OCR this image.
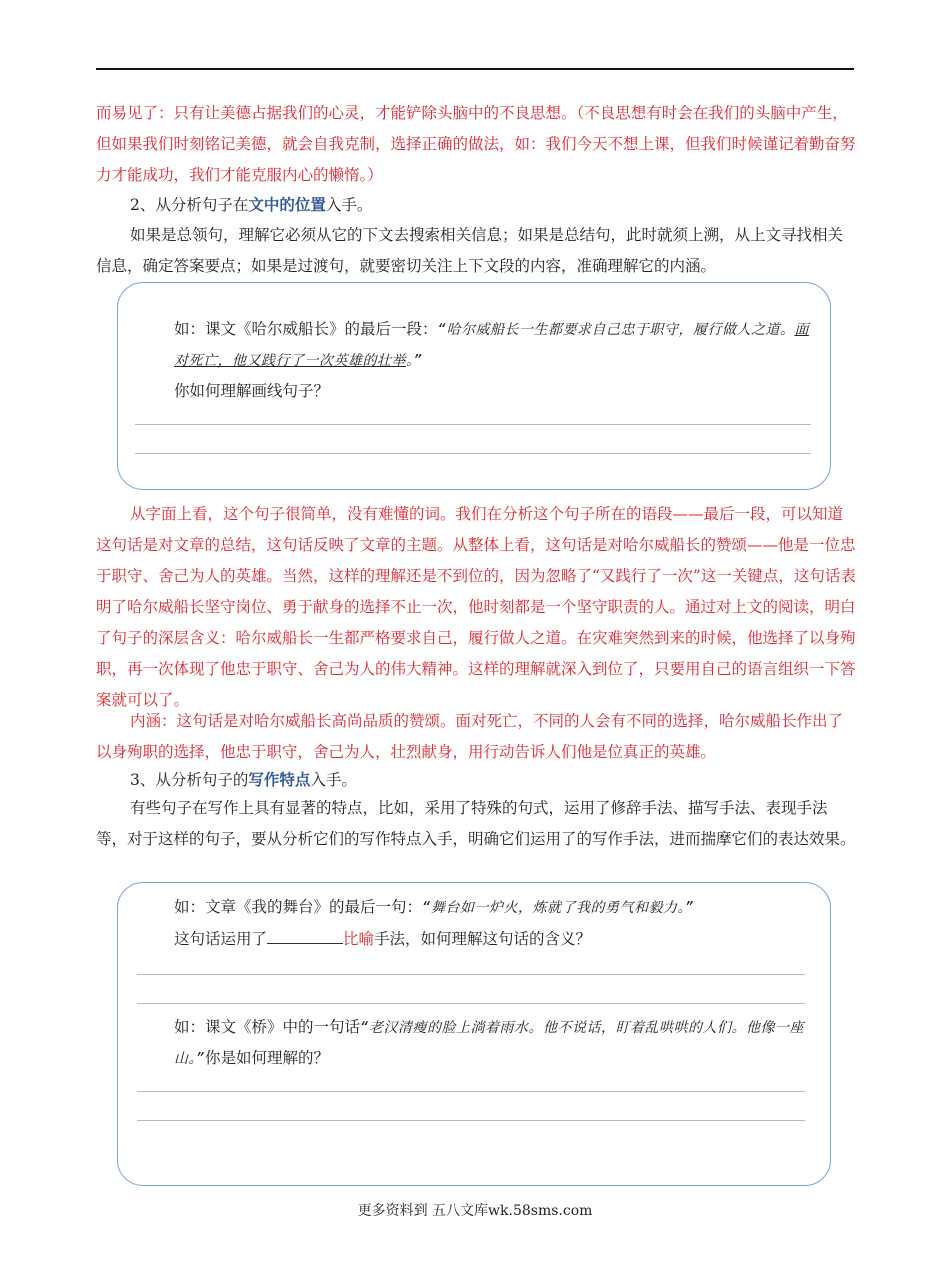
而易见了：只有让美德占据我们的心灵，才能铲除头脑中的不良思想。（不良思想有时会在我们的头脑中产生，但如果我们时刻铭记美德，就会自我克制，选择正确的做法，如：我们今天不想上课，但我们时候谨记着勤奋努力才能成功，我们才能克服内心的懒惰。）

2、从分析句子在文中的位置入手。

如果是总领句，理解它必须从它的下文去搜索相关信息；如果是总结句，此时就须上溯，从上文寻找相关信息，确定答案要点；如果是过渡句，就要密切关注上下文段的内容，准确理解它的内涵。

如：课文《哈尔威船长》的最后一段：“哈尔威船长一生都要求自己忠于职守，履行做人之道。面对死亡，他又践行了一次英雄的壮举。”

你如何理解画线句子？

从字面上看，这个句子很简单，没有难懂的词。我们在分析这个句子所在的语段——最后一段，可以知道这句话是对文章的总结，这句话反映了文章的主题。从整体上看，这句话是对哈尔威船长的赞颂——他是一位忠于职守、舍己为人的英雄。当然，这样的理解还是不到位的，因为忽略了“又践行了一次”这一关键点，这句话表明了哈尔威船长坚守岗位、勇于献身的选择不止一次，他时刻都是一个坚守职责的人。通过对上文的阅读，明白了句子的深层含义：哈尔威船长一生都严格要求自己，履行做人之道。在灾难突然到来的时候，他选择了以身殉职，再一次体现了他忠于职守、舍己为人的伟大精神。这样的理解就深入到位了，只要用自己的语言组织一下答案就可以了。

内涵：这句话是对哈尔威船长高尚品质的赞颂。面对死亡，不同的人会有不同的选择，哈尔威船长作出了以身殉职的选择，他忠于职守，舍己为人，壮烈献身，用行动告诉人们他是位真正的英雄。

3、从分析句子的写作特点入手。

有些句子在写作上具有显著的特点，比如，采用了特殊的句式，运用了修辞手法、描写手法、表现手法等，对于这样的句子，要从分析它们的写作特点入手，明确它们运用了的写作手法，进而揣摩它们的表达效果。

如：文章《我的舞台》的最后一句：“舞台如一炉火，炼就了我的勇气和毅力。”

这句话运用了	比喻手法，如何理解这句话的含义？

如：课文《桥》中的一句话“老汉清瘦的脸上淌着雨水。他不说话，盯着乱哄哄的人们。他像一座山。”你是如何理解的？

更多资料到 五八文库wk.58sms.com
